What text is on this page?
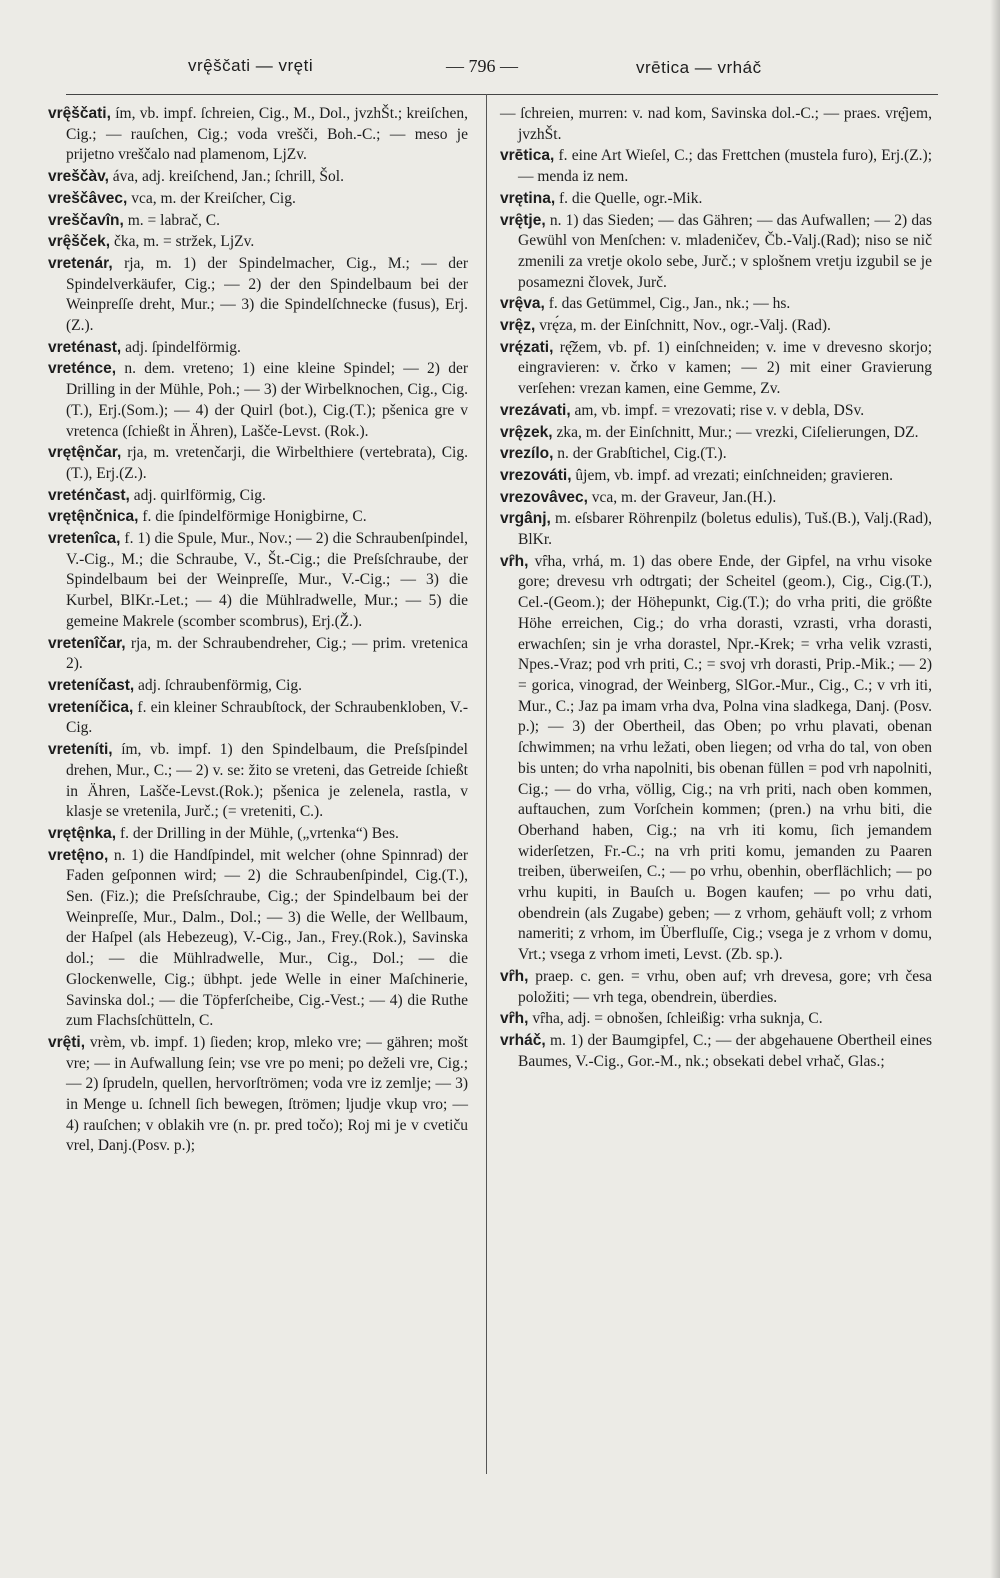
vrę̑ščati — vręti	— 796 —	vrētica — vrháč

vrę̑ščati, ím, vb. impf. ſchreien, Cig., M., Dol., jvzhŠt.; kreiſchen, Cig.; — rauſchen, Cig.; voda vrešči, Boh.-C.; — meso je prijetno vreščalo nad plamenom, LjZv.

vreščàv, áva, adj. kreiſchend, Jan.; ſchrill, Šol.

vreščâvec, vca, m. der Kreiſcher, Cig.

vreščavîn, m. = labrač, C.

vrę̑šček, čka, m. = stržek, LjZv.

vretenár, rja, m. 1) der Spindelmacher, Cig., M.; — der Spindelverkäufer, Cig.; — 2) der den Spindelbaum bei der Weinpreſſe dreht, Mur.; — 3) die Spindelſchnecke (fusus), Erj. (Z.).

vreténast, adj. ſpindelförmig.

vreténce, n. dem. vreteno; 1) eine kleine Spindel; — 2) der Drilling in der Mühle, Poh.; — 3) der Wirbelknochen, Cig., Cig.(T.), Erj.(Som.); — 4) der Quirl (bot.), Cig.(T.); pšenica gre v vretenca (ſchießt in Ähren), Lašče-Levst. (Rok.).

vrętę̑nčar, rja, m. vretenčarji, die Wirbelthiere (vertebrata), Cig.(T.), Erj.(Z.).

vreténčast, adj. quirlförmig, Cig.

vrętę̑nčnica, f. die ſpindelförmige Honigbirne, C.

vretenîca, f. 1) die Spule, Mur., Nov.; — 2) die Schraubenſpindel, V.-Cig., M.; die Schraube, V., Št.-Cig.; die Preſsſchraube, der Spindelbaum bei der Weinpreſſe, Mur., V.-Cig.; — 3) die Kurbel, BlKr.-Let.; — 4) die Mühlradwelle, Mur.; — 5) die gemeine Makrele (scomber scombrus), Erj.(Ž.).

vretenîčar, rja, m. der Schraubendreher, Cig.; — prim. vretenica 2).

vreteníčast, adj. ſchraubenförmig, Cig.

vreteníčica, f. ein kleiner Schraubſtock, der Schraubenkloben, V.-Cig.

vreteníti, ím, vb. impf. 1) den Spindelbaum, die Preſsſpindel drehen, Mur., C.; — 2) v. se: žito se vreteni, das Getreide ſchießt in Ähren, Lašče-Levst.(Rok.); pšenica je zelenela, rastla, v klasje se vretenila, Jurč.; (= vreteniti, C.).

vrętę̑nka, f. der Drilling in der Mühle, („vrtenka“) Bes.

vretę̑no, n. 1) die Handſpindel, mit welcher (ohne Spinnrad) der Faden geſponnen wird; — 2) die Schraubenſpindel, Cig.(T.), Sen. (Fiz.); die Preſsſchraube, Cig.; der Spindelbaum bei der Weinpreſſe, Mur., Dalm., Dol.; — 3) die Welle, der Wellbaum, der Haſpel (als Hebezeug), V.-Cig., Jan., Frey.(Rok.), Savinska dol.; — die Mühlradwelle, Mur., Cig., Dol.; — die Glockenwelle, Cig.; übhpt. jede Welle in einer Maſchinerie, Savinska dol.; — die Töpferſcheibe, Cig.-Vest.; — 4) die Ruthe zum Flachsſchütteln, C.

vrę̑ti, vrèm, vb. impf. 1) ſieden; krop, mleko vre; — gähren; mošt vre; — in Aufwallung ſein; vse vre po meni; po deželi vre, Cig.; — 2) ſprudeln, quellen, hervorſtrömen; voda vre iz zemlje; — 3) in Menge u. ſchnell ſich bewegen, ſtrömen; ljudje vkup vro; — 4) rauſchen; v oblakih vre (n. pr. pred točo); Roj mi je v cvetiču vrel, Danj.(Posv. p.);

— ſchreien, murren: v. nad kom, Savinska dol.-C.; — praes. vrę̑jem, jvzhŠt.

vrētica, f. eine Art Wieſel, C.; das Frettchen (mustela furo), Erj.(Z.); — menda iz nem.

vrętina, f. die Quelle, ogr.-Mik.

vrę̑tje, n. 1) das Sieden; — das Gähren; — das Aufwallen; — 2) das Gewühl von Menſchen: v. mladeničev, Čb.-Valj.(Rad); niso se nič zmenili za vretje okolo sebe, Jurč.; v splošnem vretju izgubil se je posamezni človek, Jurč.

vrę̑va, f. das Getümmel, Cig., Jan., nk.; — hs.

vrę̑z, vrę́za, m. der Einſchnitt, Nov., ogr.-Valj. (Rad).

vrę́zati, rę̑žem, vb. pf. 1) einſchneiden; v. ime v drevesno skorjo; eingravieren: v. črko v kamen; — 2) mit einer Gravierung verſehen: vrezan kamen, eine Gemme, Zv.

vrezávati, am, vb. impf. = vrezovati; rise v. v debla, DSv.

vrę̑zek, zka, m. der Einſchnitt, Mur.; — vrezki, Ciſelierungen, DZ.

vrezílo, n. der Grabſtichel, Cig.(T.).

vrezováti, ûjem, vb. impf. ad vrezati; einſchneiden; gravieren.

vrezovâvec, vca, m. der Graveur, Jan.(H.).

vrgânj, m. eſsbarer Röhrenpilz (boletus edulis), Tuš.(B.), Valj.(Rad), BlKr.

vȓh, vȓha, vrhá, m. 1) das obere Ende, der Gipfel, na vrhu visoke gore; drevesu vrh odtrgati; der Scheitel (geom.), Cig., Cig.(T.), Cel.-(Geom.); der Höhepunkt, Cig.(T.); do vrha priti, die größte Höhe erreichen, Cig.; do vrha dorasti, vzrasti, vrha dorasti, erwachſen; sin je vrha dorastel, Npr.-Krek; = vrha velik vzrasti, Npes.-Vraz; pod vrh priti, C.; = svoj vrh dorasti, Prip.-Mik.; — 2) = gorica, vinograd, der Weinberg, SlGor.-Mur., Cig., C.; v vrh iti, Mur., C.; Jaz pa imam vrha dva, Polna vina sladkega, Danj. (Posv. p.); — 3) der Obertheil, das Oben; po vrhu plavati, obenan ſchwimmen; na vrhu ležati, oben liegen; od vrha do tal, von oben bis unten; do vrha napolniti, bis obenan füllen = pod vrh napolniti, Cig.; — do vrha, völlig, Cig.; na vrh priti, nach oben kommen, auftauchen, zum Vorſchein kommen; (pren.) na vrhu biti, die Oberhand haben, Cig.; na vrh iti komu, ſich jemandem widerſetzen, Fr.-C.; na vrh priti komu, jemanden zu Paaren treiben, überweiſen, C.; — po vrhu, obenhin, oberflächlich; — po vrhu kupiti, in Bauſch u. Bogen kaufen; — po vrhu dati, obendrein (als Zugabe) geben; — z vrhom, gehäuft voll; z vrhom nameriti; z vrhom, im Überfluſſe, Cig.; vsega je z vrhom v domu, Vrt.; vsega z vrhom imeti, Levst. (Zb. sp.).

vȓh, praep. c. gen. = vrhu, oben auf; vrh drevesa, gore; vrh česa položiti; — vrh tega, obendrein, überdies.

vȓh, vȓha, adj. = obnošen, ſchleißig: vrha suknja, C.

vrháč, m. 1) der Baumgipfel, C.; — der abgehauene Obertheil eines Baumes, V.-Cig., Gor.-M., nk.; obsekati debel vrhač, Glas.;
